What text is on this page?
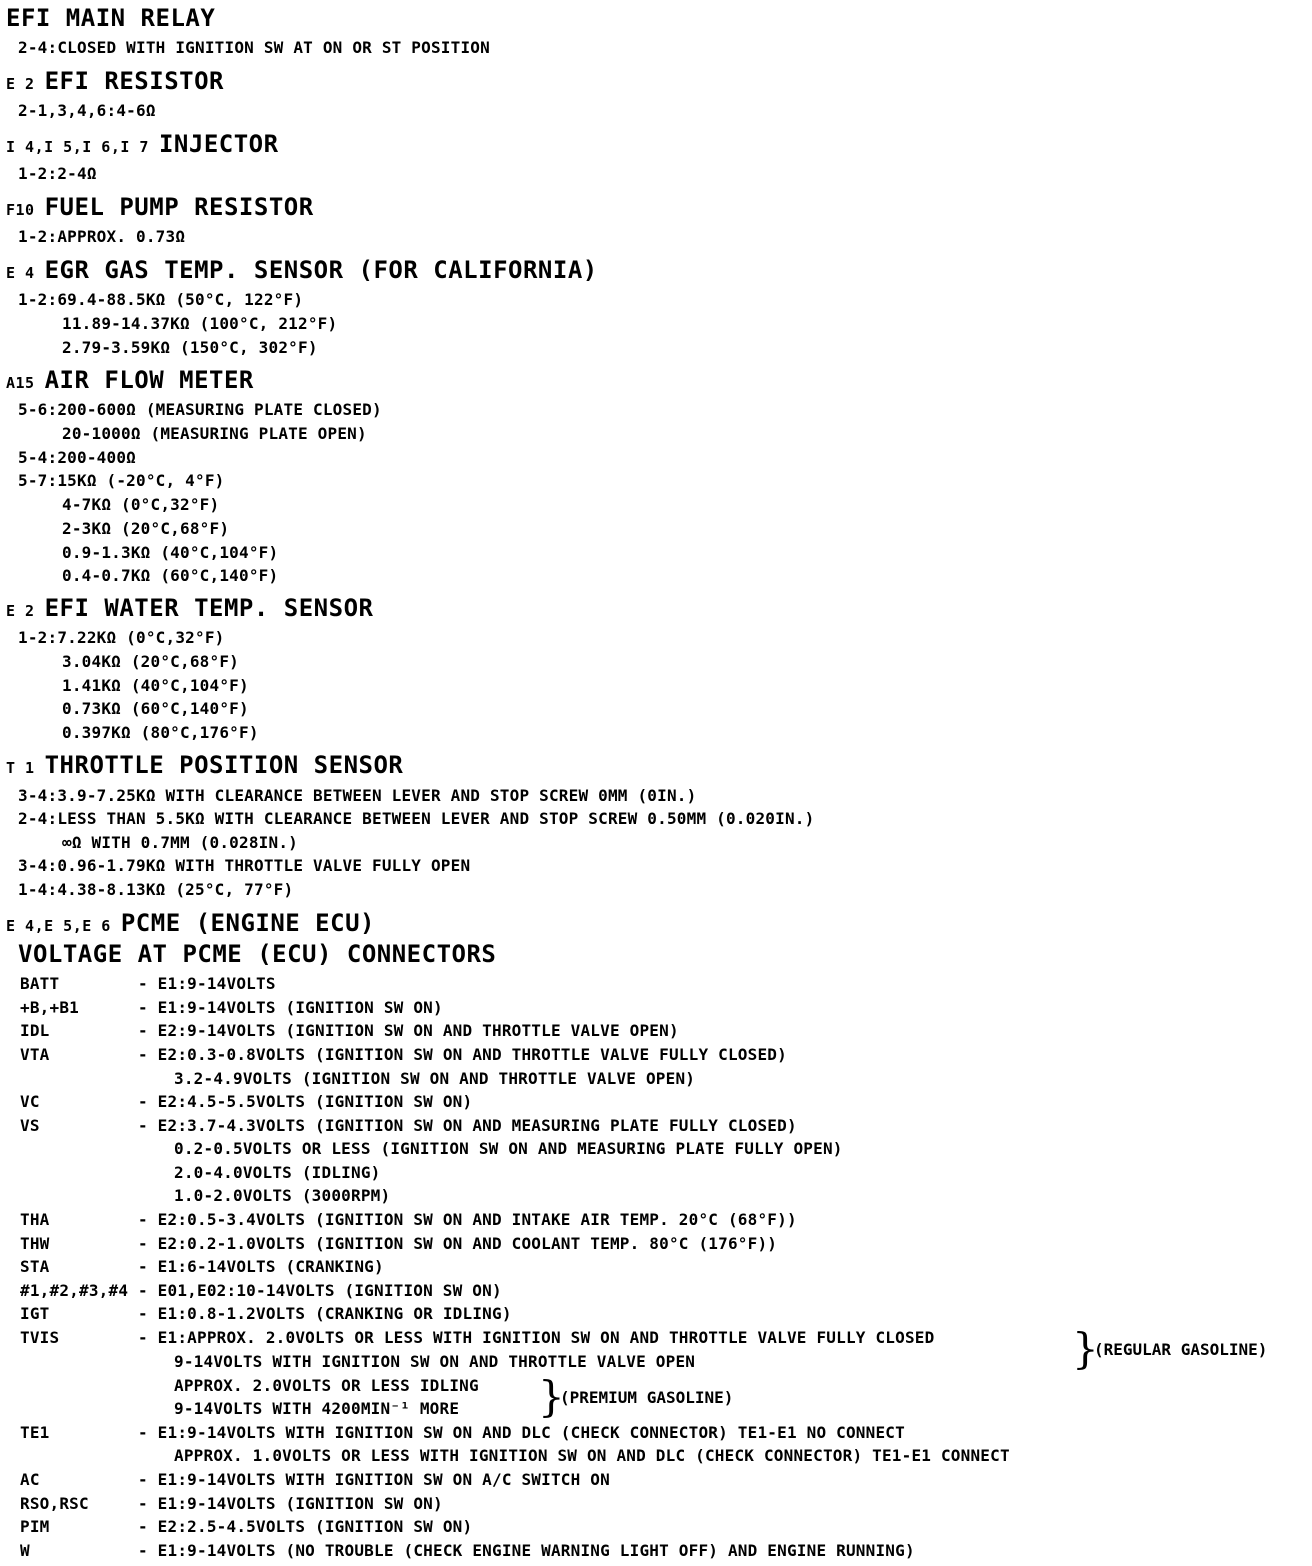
EFI MAIN RELAY
2-4:CLOSED WITH IGNITION SW AT ON OR ST POSITION
E 2 EFI RESISTOR
2-1,3,4,6:4-6Ω
I 4,I 5,I 6,I 7 INJECTOR
1-2:2-4Ω
F10 FUEL PUMP RESISTOR
1-2:APPROX. 0.73Ω
E 4 EGR GAS TEMP. SENSOR (FOR CALIFORNIA)
1-2:69.4-88.5KΩ (50°C, 122°F)
11.89-14.37KΩ (100°C, 212°F)
2.79-3.59KΩ (150°C, 302°F)
A15 AIR FLOW METER
5-6:200-600Ω (MEASURING PLATE CLOSED)
20-1000Ω (MEASURING PLATE OPEN)
5-4:200-400Ω
5-7:15KΩ (-20°C, 4°F)
4-7KΩ (0°C,32°F)
2-3KΩ (20°C,68°F)
0.9-1.3KΩ (40°C,104°F)
0.4-0.7KΩ (60°C,140°F)
E 2 EFI WATER TEMP. SENSOR
1-2:7.22KΩ (0°C,32°F)
3.04KΩ (20°C,68°F)
1.41KΩ (40°C,104°F)
0.73KΩ (60°C,140°F)
0.397KΩ (80°C,176°F)
T 1 THROTTLE POSITION SENSOR
3-4:3.9-7.25KΩ WITH CLEARANCE BETWEEN LEVER AND STOP SCREW 0MM (0IN.)
2-4:LESS THAN 5.5KΩ WITH CLEARANCE BETWEEN LEVER AND STOP SCREW 0.50MM (0.020IN.)
∞Ω WITH 0.7MM (0.028IN.)
3-4:0.96-1.79KΩ WITH THROTTLE VALVE FULLY OPEN
1-4:4.38-8.13KΩ (25°C, 77°F)
E 4,E 5,E 6 PCME (ENGINE ECU)
VOLTAGE AT PCME (ECU) CONNECTORS
BATT	- E1:9-14VOLTS
+B,+B1	- E1:9-14VOLTS (IGNITION SW ON)
IDL	- E2:9-14VOLTS (IGNITION SW ON AND THROTTLE VALVE OPEN)
VTA	- E2:0.3-0.8VOLTS (IGNITION SW ON AND THROTTLE VALVE FULLY CLOSED)
3.2-4.9VOLTS (IGNITION SW ON AND THROTTLE VALVE OPEN)
VC	- E2:4.5-5.5VOLTS (IGNITION SW ON)
VS	- E2:3.7-4.3VOLTS (IGNITION SW ON AND MEASURING PLATE FULLY CLOSED)
0.2-0.5VOLTS OR LESS (IGNITION SW ON AND MEASURING PLATE FULLY OPEN)
2.0-4.0VOLTS (IDLING)
1.0-2.0VOLTS (3000RPM)
THA	- E2:0.5-3.4VOLTS (IGNITION SW ON AND INTAKE AIR TEMP. 20°C (68°F))
THW	- E2:0.2-1.0VOLTS (IGNITION SW ON AND COOLANT TEMP. 80°C (176°F))
STA	- E1:6-14VOLTS (CRANKING)
#1,#2,#3,#4 - E01,E02:10-14VOLTS (IGNITION SW ON)
IGT	- E1:0.8-1.2VOLTS (CRANKING OR IDLING)
TVIS	- E1:APPROX. 2.0VOLTS OR LESS WITH IGNITION SW ON AND THROTTLE VALVE FULLY CLOSED
9-14VOLTS WITH IGNITION SW ON AND THROTTLE VALVE OPEN
APPROX. 2.0VOLTS OR LESS IDLING
9-14VOLTS WITH 4200MIN⁻¹ MORE
}
(REGULAR GASOLINE)
}
(PREMIUM GASOLINE)
TE1	- E1:9-14VOLTS WITH IGNITION SW ON AND DLC (CHECK CONNECTOR) TE1-E1 NO CONNECT
APPROX. 1.0VOLTS OR LESS WITH IGNITION SW ON AND DLC (CHECK CONNECTOR) TE1-E1 CONNECT
AC	- E1:9-14VOLTS WITH IGNITION SW ON A/C SWITCH ON
RSO,RSC	- E1:9-14VOLTS (IGNITION SW ON)
PIM	- E2:2.5-4.5VOLTS (IGNITION SW ON)
W	- E1:9-14VOLTS (NO TROUBLE (CHECK ENGINE WARNING LIGHT OFF) AND ENGINE RUNNING)
